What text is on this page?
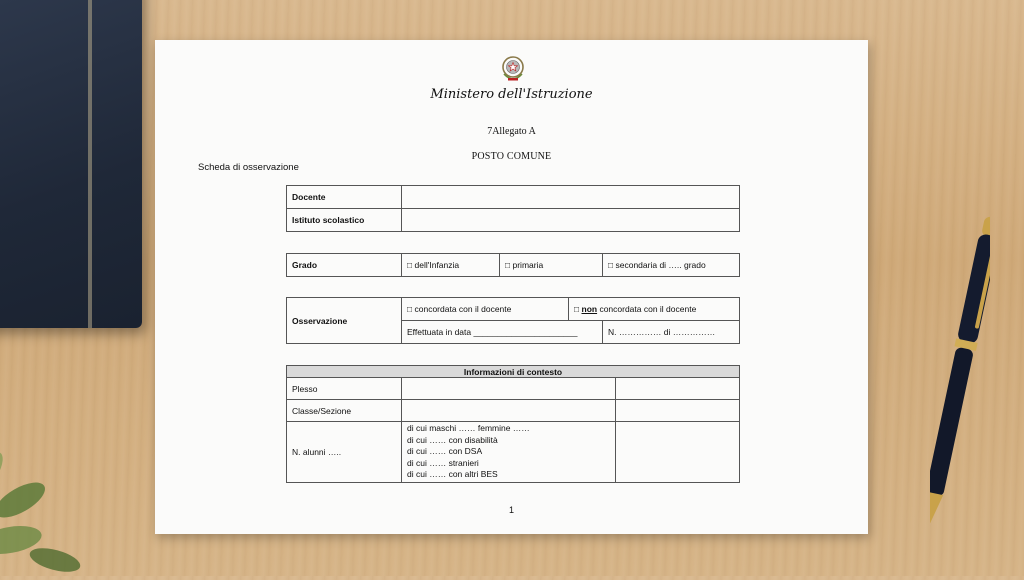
Ministero dell'Istruzione
7Allegato A
POSTO COMUNE
Scheda di osservazione
Docente	
Istituto scolastico	
Grado	□ dell'Infanzia	□ primaria	□ secondaria di ….. grado
Osservazione	□ concordata con il docente	□ non concordata con il docente	
	Effettuata in data ______________________		N. …………… di ……………
Informazioni di contesto		
Plesso		
Classe/Sezione		
N. alunni …..	di cui maschi …… femmine ……
di cui …… con disabilità
di cui …… con DSA
di cui …… stranieri
di cui …… con altri BES	

1
